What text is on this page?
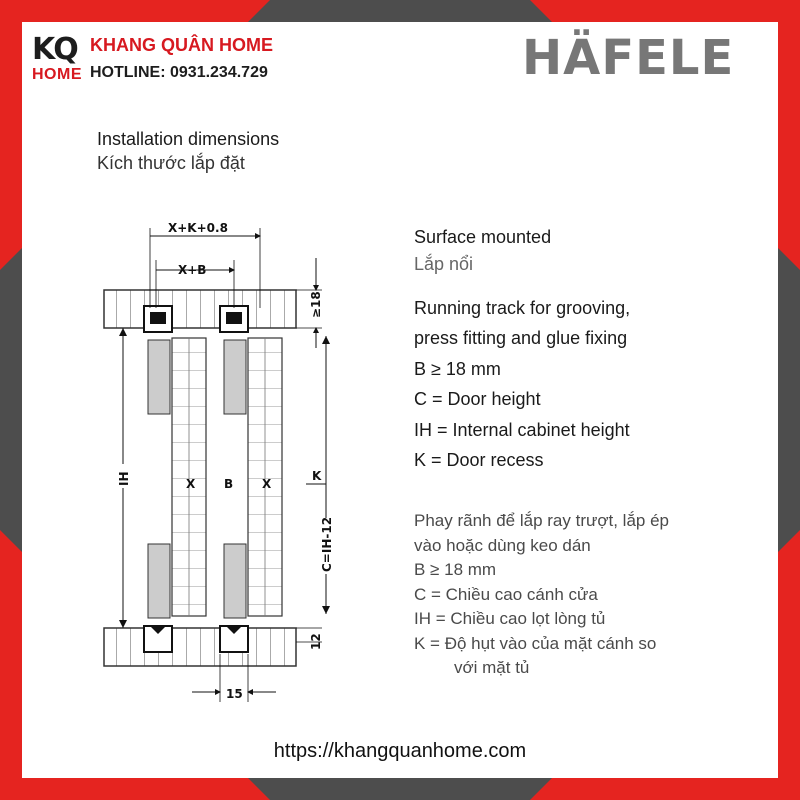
KQ
HOME
KHANG QUÂN HOME
HOTLINE: 0931.234.729	HÄFELE
Installation dimensions
Kích thước lắp đặt
X+K+0.8
X+B
≥18
IH	X B X
K
C=IH-12
12
15
Surface mounted
Lắp nổi
Running track for grooving,
press fitting and glue fixing
B ≥ 18 mm
C = Door height
IH = Internal cabinet height
K = Door recess
Phay rãnh để lắp ray trượt, lắp ép
vào hoặc dùng keo dán
B ≥ 18 mm
C = Chiều cao cánh cửa
IH = Chiều cao lọt lòng tủ
K = Độ hụt vào của mặt cánh so
với mặt tủ
https://khangquanhome.com
